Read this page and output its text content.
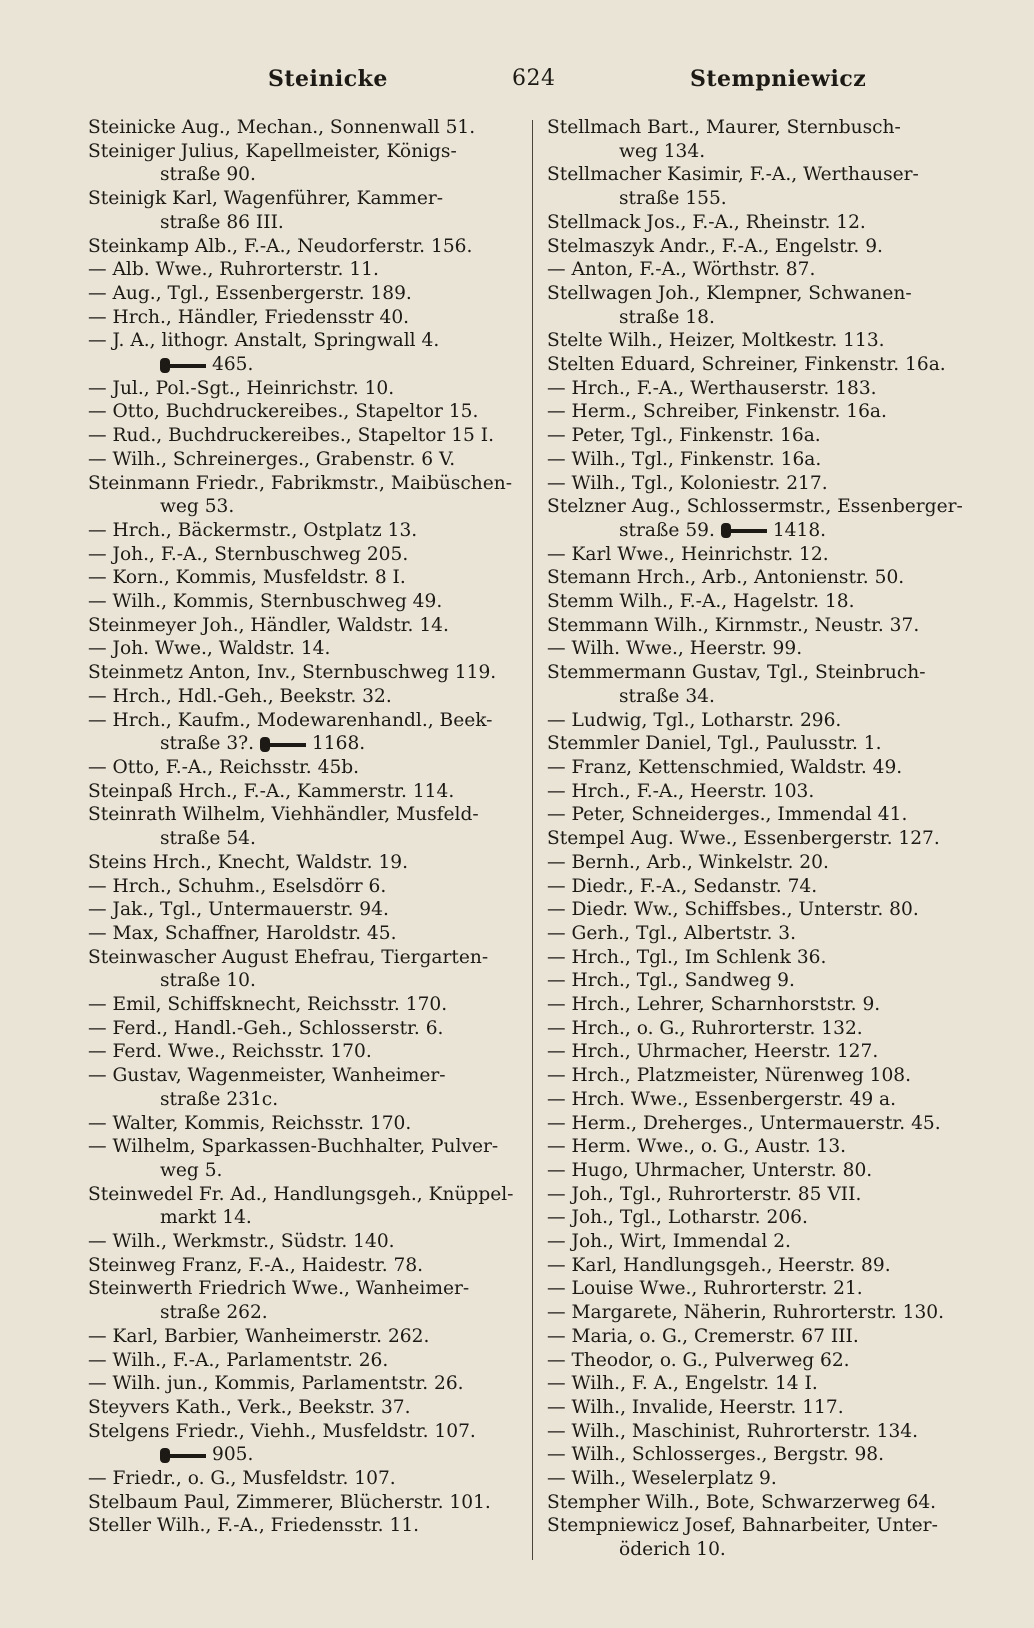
Steinicke	624	Stempniewicz
Steinicke Aug., Mechan., Sonnenwall 51.
Steiniger Julius, Kapellmeister, Königs-
straße 90.
Steinigk Karl, Wagenführer, Kammer-
straße 86 III.
Steinkamp Alb., F.-A., Neudorferstr. 156.
— Alb. Wwe., Ruhrorterstr. 11.
— Aug., Tgl., Essenbergerstr. 189.
— Hrch., Händler, Friedensstr 40.
— J. A., lithogr. Anstalt, Springwall 4.
465.
— Jul., Pol.-Sgt., Heinrichstr. 10.
— Otto, Buchdruckereibes., Stapeltor 15.
— Rud., Buchdruckereibes., Stapeltor 15 I.
— Wilh., Schreinerges., Grabenstr. 6 V.
Steinmann Friedr., Fabrikmstr., Maibüschen-
weg 53.
— Hrch., Bäckermstr., Ostplatz 13.
— Joh., F.-A., Sternbuschweg 205.
— Korn., Kommis, Musfeldstr. 8 I.
— Wilh., Kommis, Sternbuschweg 49.
Steinmeyer Joh., Händler, Waldstr. 14.
— Joh. Wwe., Waldstr. 14.
Steinmetz Anton, Inv., Sternbuschweg 119.
— Hrch., Hdl.-Geh., Beekstr. 32.
— Hrch., Kaufm., Modewarenhandl., Beek-
straße 3?.	1168.
— Otto, F.-A., Reichsstr. 45b.
Steinpaß Hrch., F.-A., Kammerstr. 114.
Steinrath Wilhelm, Viehhändler, Musfeld-
straße 54.
Steins Hrch., Knecht, Waldstr. 19.
— Hrch., Schuhm., Eselsdörr 6.
— Jak., Tgl., Untermauerstr. 94.
— Max, Schaffner, Haroldstr. 45.
Steinwascher August Ehefrau, Tiergarten-
straße 10.
— Emil, Schiffsknecht, Reichsstr. 170.
— Ferd., Handl.-Geh., Schlosserstr. 6.
— Ferd. Wwe., Reichsstr. 170.
— Gustav, Wagenmeister, Wanheimer-
straße 231c.
— Walter, Kommis, Reichsstr. 170.
— Wilhelm, Sparkassen-Buchhalter, Pulver-
weg 5.
Steinwedel Fr. Ad., Handlungsgeh., Knüppel-
markt 14.
— Wilh., Werkmstr., Südstr. 140.
Steinweg Franz, F.-A., Haidestr. 78.
Steinwerth Friedrich Wwe., Wanheimer-
straße 262.
— Karl, Barbier, Wanheimerstr. 262.
— Wilh., F.-A., Parlamentstr. 26.
— Wilh. jun., Kommis, Parlamentstr. 26.
Steyvers Kath., Verk., Beekstr. 37.
Stelgens Friedr., Viehh., Musfeldstr. 107.
905.
— Friedr., o. G., Musfeldstr. 107.
Stelbaum Paul, Zimmerer, Blücherstr. 101.
Steller Wilh., F.-A., Friedensstr. 11.
Stellmach Bart., Maurer, Sternbusch-
weg 134.
Stellmacher Kasimir, F.-A., Werthauser-
straße 155.
Stellmack Jos., F.-A., Rheinstr. 12.
Stelmaszyk Andr., F.-A., Engelstr. 9.
— Anton, F.-A., Wörthstr. 87.
Stellwagen Joh., Klempner, Schwanen-
straße 18.
Stelte Wilh., Heizer, Moltkestr. 113.
Stelten Eduard, Schreiner, Finkenstr. 16a.
— Hrch., F.-A., Werthauserstr. 183.
— Herm., Schreiber, Finkenstr. 16a.
— Peter, Tgl., Finkenstr. 16a.
— Wilh., Tgl., Finkenstr. 16a.
— Wilh., Tgl., Koloniestr. 217.
Stelzner Aug., Schlossermstr., Essenberger-
straße 59.	1418.
— Karl Wwe., Heinrichstr. 12.
Stemann Hrch., Arb., Antonienstr. 50.
Stemm Wilh., F.-A., Hagelstr. 18.
Stemmann Wilh., Kirnmstr., Neustr. 37.
— Wilh. Wwe., Heerstr. 99.
Stemmermann Gustav, Tgl., Steinbruch-
straße 34.
— Ludwig, Tgl., Lotharstr. 296.
Stemmler Daniel, Tgl., Paulusstr. 1.
— Franz, Kettenschmied, Waldstr. 49.
— Hrch., F.-A., Heerstr. 103.
— Peter, Schneiderges., Immendal 41.
Stempel Aug. Wwe., Essenbergerstr. 127.
— Bernh., Arb., Winkelstr. 20.
— Diedr., F.-A., Sedanstr. 74.
— Diedr. Ww., Schiffsbes., Unterstr. 80.
— Gerh., Tgl., Albertstr. 3.
— Hrch., Tgl., Im Schlenk 36.
— Hrch., Tgl., Sandweg 9.
— Hrch., Lehrer, Scharnhorststr. 9.
— Hrch., o. G., Ruhrorterstr. 132.
— Hrch., Uhrmacher, Heerstr. 127.
— Hrch., Platzmeister, Nürenweg 108.
— Hrch. Wwe., Essenbergerstr. 49 a.
— Herm., Dreherges., Untermauerstr. 45.
— Herm. Wwe., o. G., Austr. 13.
— Hugo, Uhrmacher, Unterstr. 80.
— Joh., Tgl., Ruhrorterstr. 85 VII.
— Joh., Tgl., Lotharstr. 206.
— Joh., Wirt, Immendal 2.
— Karl, Handlungsgeh., Heerstr. 89.
— Louise Wwe., Ruhrorterstr. 21.
— Margarete, Näherin, Ruhrorterstr. 130.
— Maria, o. G., Cremerstr. 67 III.
— Theodor, o. G., Pulverweg 62.
— Wilh., F. A., Engelstr. 14 I.
— Wilh., Invalide, Heerstr. 117.
— Wilh., Maschinist, Ruhrorterstr. 134.
— Wilh., Schlosserges., Bergstr. 98.
— Wilh., Weselerplatz 9.
Stempher Wilh., Bote, Schwarzerweg 64.
Stempniewicz Josef, Bahnarbeiter, Unter-
öderich 10.
